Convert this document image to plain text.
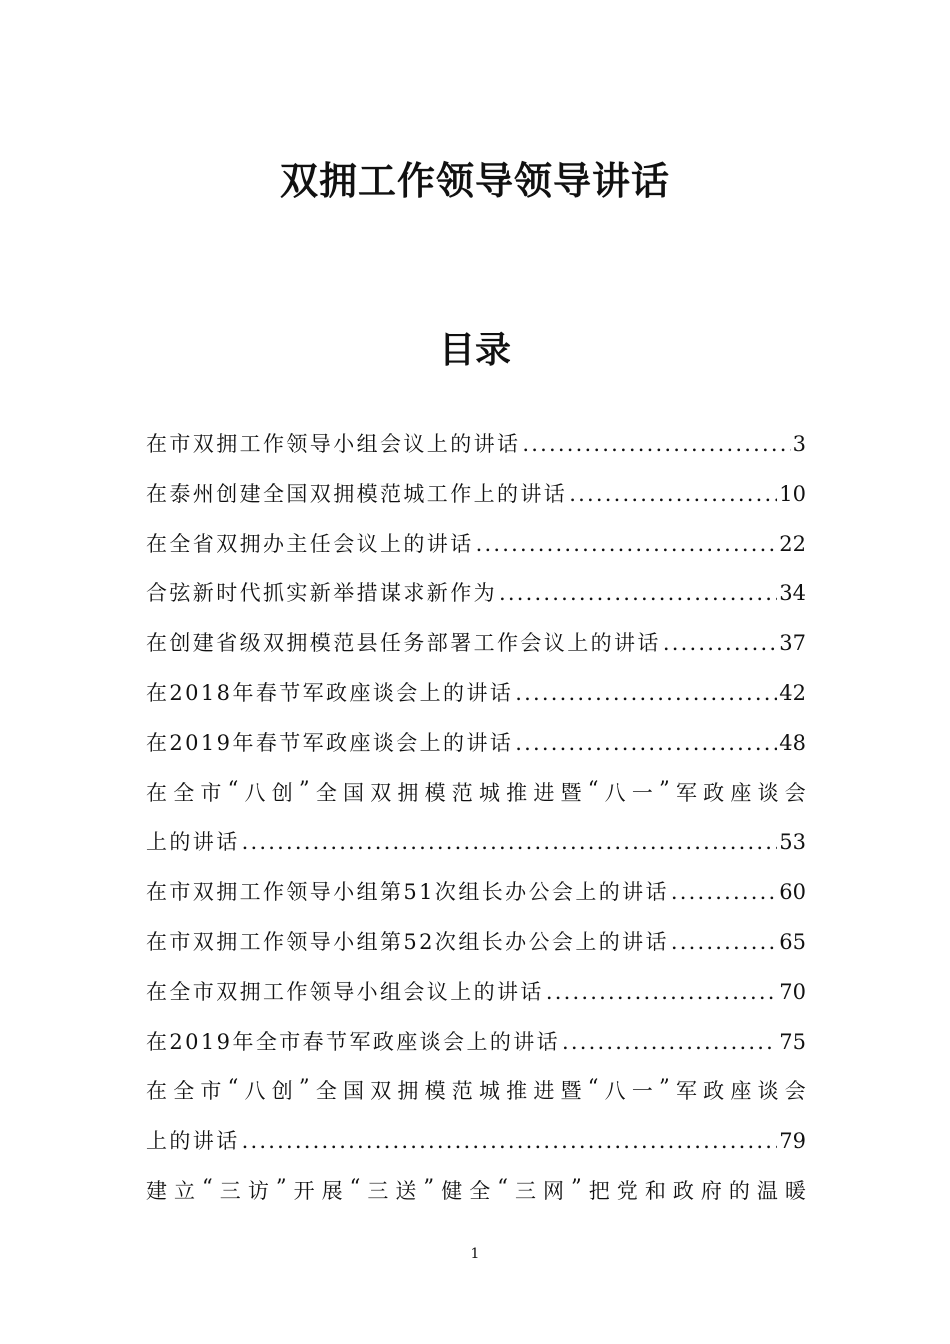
双拥工作领导领导讲话
目录
在市双拥工作领导小组会议上的讲话 .....	3
在泰州创建全国双拥模范城工作上的讲话 .....	10
在全省双拥办主任会议上的讲话 .....	22
合弦新时代抓实新举措谋求新作为 .....	34
在创建省级双拥模范县任务部署工作会议上的讲话 .....	37
在2018年春节军政座谈会上的讲话 .....	42
在2019年春节军政座谈会上的讲话 .....	48
在 全 市 “ 八 创 ” 全 国 双 拥 模 范 城 推 进 暨 “ 八 一 ” 军 政 座 谈 会
上的讲话 .....	53
在市双拥工作领导小组第51次组长办公会上的讲话 .....	60
在市双拥工作领导小组第52次组长办公会上的讲话 .....	65
在全市双拥工作领导小组会议上的讲话 .....	70
在2019年全市春节军政座谈会上的讲话 .....	75
在 全 市 “ 八 创 ” 全 国 双 拥 模 范 城 推 进 暨 “ 八 一 ” 军 政 座 谈 会
上的讲话 .....	79
建 立 “ 三 访 ” 开 展 “ 三 送 ” 健 全 “ 三 网 ” 把 党 和 政 府 的 温 暖
1
